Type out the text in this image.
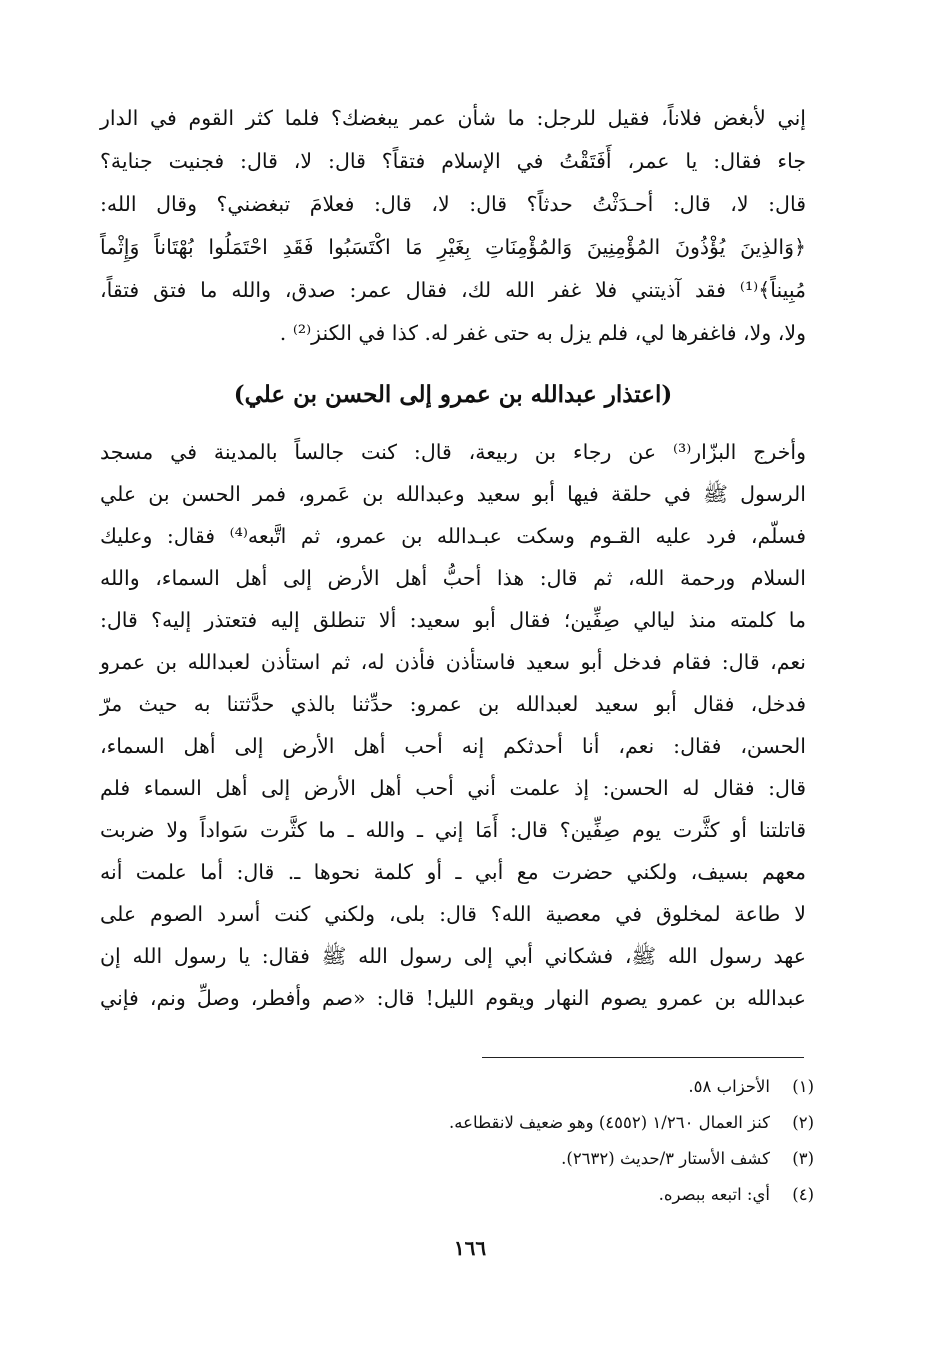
إني لأبغض فلاناً، فقيل للرجل: ما شأن عمر يبغضك؟ فلما كثر القوم في الدار
جاء فقال: يا عمر، أَفَتَقْتُ في الإسلام فتقاً؟ قال: لا، قال: فجنيت جناية؟
قال: لا، قال: أحـدَثْتُ حدثاً؟ قال: لا، قال: فعلامَ تبغضني؟ وقال الله:
﴿وَالذِينَ يُؤْذُونَ المُؤْمِنِينَ وَالمُؤْمِنَاتِ بِغَيْرِ مَا اكْتَسَبُوا فَقَدِ احْتَمَلُوا بُهْتَاناً وَإِثْماً
مُبِيناً﴾⁽¹⁾ فقد آذيتني فلا غفر الله لك، فقال عمر: صدق، والله ما فتق فتقاً،
ولا، ولا، فاغفرها لي، فلم يزل به حتى غفر له. كذا في الكنز⁽²⁾ .
(اعتذار عبدالله بن عمرو إلى الحسن بن علي)
وأخرج البزّار⁽³⁾ عن رجاء بن ربيعة، قال: كنت جالساً بالمدينة في مسجد
الرسول ﷺ في حلقة فيها أبو سعيد وعبدالله بن عَمرو، فمر الحسن بن علي
فسلّم، فرد عليه القـوم وسكت عبـدالله بن عمرو، ثم اتَّبعه⁽⁴⁾ فقال: وعليك
السلام ورحمة الله، ثم قال: هذا أحبُّ أهل الأرض إلى أهل السماء، والله
ما كلمته منذ ليالي صِفِّين؛ فقال أبو سعيد: ألا تنطلق إليه فتعتذر إليه؟ قال:
نعم، قال: فقام فدخل أبو سعيد فاستأذن فأذن له، ثم استأذن لعبدالله بن عمرو
فدخل، فقال أبو سعيد لعبدالله بن عمرو: حدِّثنا بالذي حدَّثتنا به حيث مرّ
الحسن، فقال: نعم، أنا أحدثكم إنه أحب أهل الأرض إلى أهل السماء،
قال: فقال له الحسن: إذ علمت أني أحب أهل الأرض إلى أهل السماء فلم
قاتلتنا أو كثَّرت يوم صِفِّين؟ قال: أَمَا إني ـ والله ـ ما كثَّرت سَواداً ولا ضربت
معهم بسيف، ولكني حضرت مع أبي ـ أو كلمة نحوها ـ. قال: أما علمت أنه
لا طاعة لمخلوق في معصية الله؟ قال: بلى، ولكني كنت أسرد الصوم على
عهد رسول الله ﷺ، فشكاني أبي إلى رسول الله ﷺ فقال: يا رسول الله إن
عبدالله بن عمرو يصوم النهار ويقوم الليل! قال: «صم وأفطر، وصلِّ ونم، فإني
(١)الأحزاب ٥٨.
(٢)كنز العمال ١/٢٦٠ (٤٥٥٢) وهو ضعيف لانقطاعه.
(٣)كشف الأستار ٣/حديث (٢٦٣٢).
(٤)أي: اتبعه ببصره.
١٦٦
